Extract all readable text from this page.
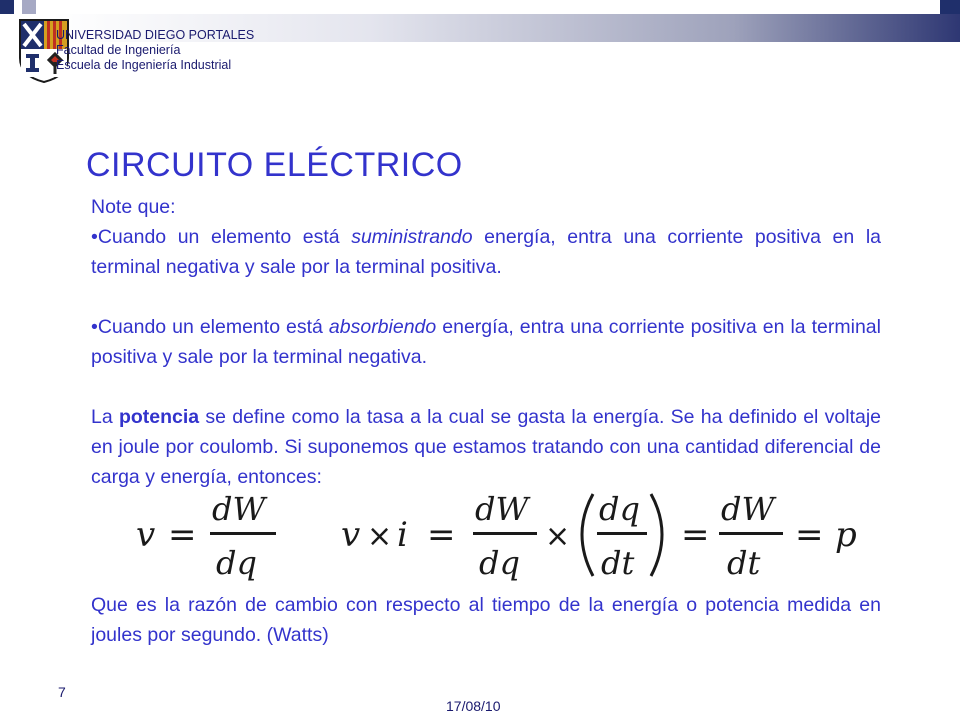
UNIVERSIDAD DIEGO PORTALES
Facultad de Ingeniería
Escuela de Ingeniería Industrial
CIRCUITO ELÉCTRICO

Note que:

•Cuando un elemento está suministrando energía, entra una corriente positiva en la terminal negativa y sale por la terminal positiva.

•Cuando un elemento está absorbiendo energía, entra una corriente positiva en la terminal positiva y sale por la terminal negativa.

La potencia se define como la tasa a la cual se gasta la energía. Se ha definido el voltaje en joule por coulomb. Si suponemos que estamos tratando con una cantidad diferencial de carga y energía, entonces:

v =
dW
dq
v × i =
dW
dq
×
dq
dt
=
dW
dt
= p

Que es la razón de cambio con respecto al tiempo de la energía o potencia medida en joules por segundo. (Watts)

7
17/08/10
